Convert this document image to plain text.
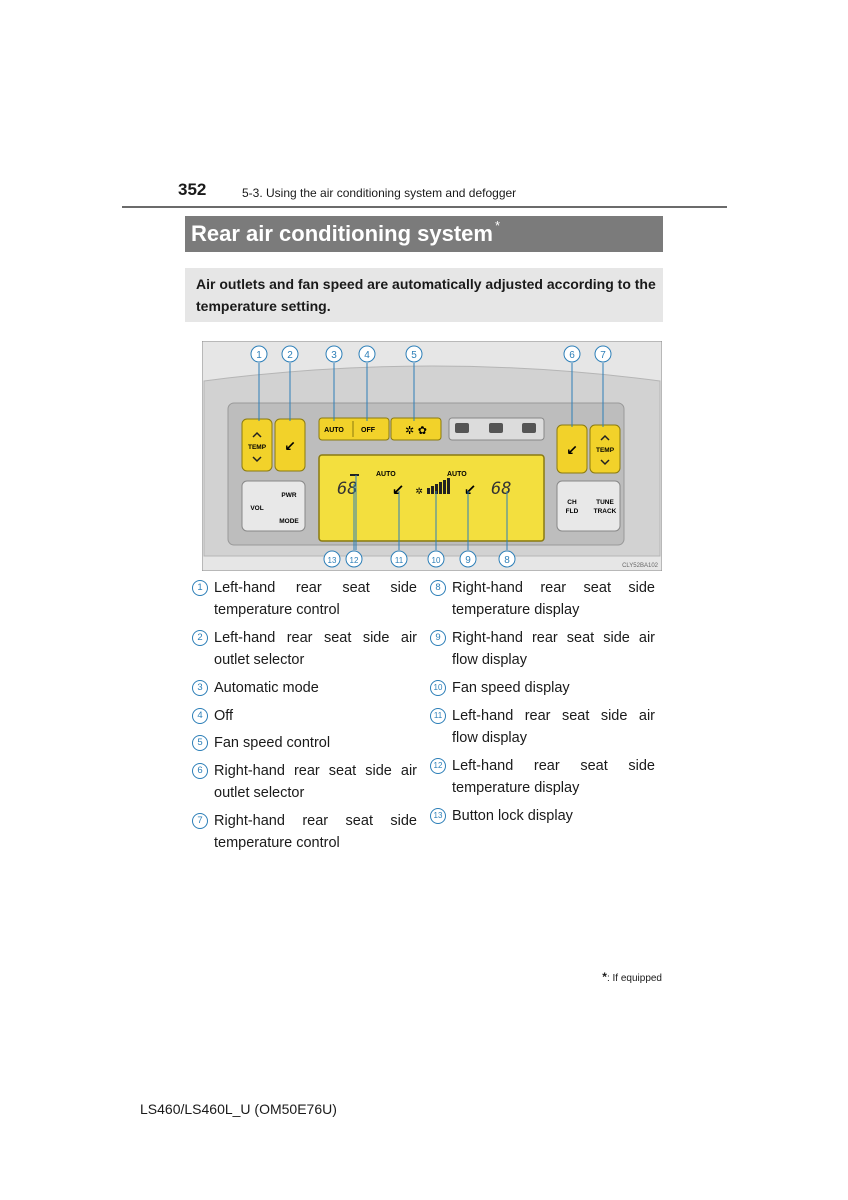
352	5-3. Using the air conditioning system and defogger
Rear air conditioning system *
Air outlets and fan speed are automatically adjusted according to the temperature setting.
TEMP ↙
AUTO OFF	✲ ✿
↙	TEMP
VOL
PWR
MODE
CH
FLD
TUNE
TRACK
68	68
AUTO	AUTO
↙	↙
✲
1	2	3	4	5	6	7
8
9
10
11
12
13
CLY52BA102
1 Left-hand rear seat side temperature control
2 Left-hand rear seat side air outlet selector
3 Automatic mode
4 Off
5 Fan speed control
6 Right-hand rear seat side air outlet selector
7 Right-hand rear seat side temperature control
8 Right-hand rear seat side temperature display
9 Right-hand rear seat side air flow display
10 Fan speed display
11 Left-hand rear seat side air flow display
12 Left-hand rear seat side temperature display
13 Button lock display
*: If equipped
LS460/LS460L_U (OM50E76U)
